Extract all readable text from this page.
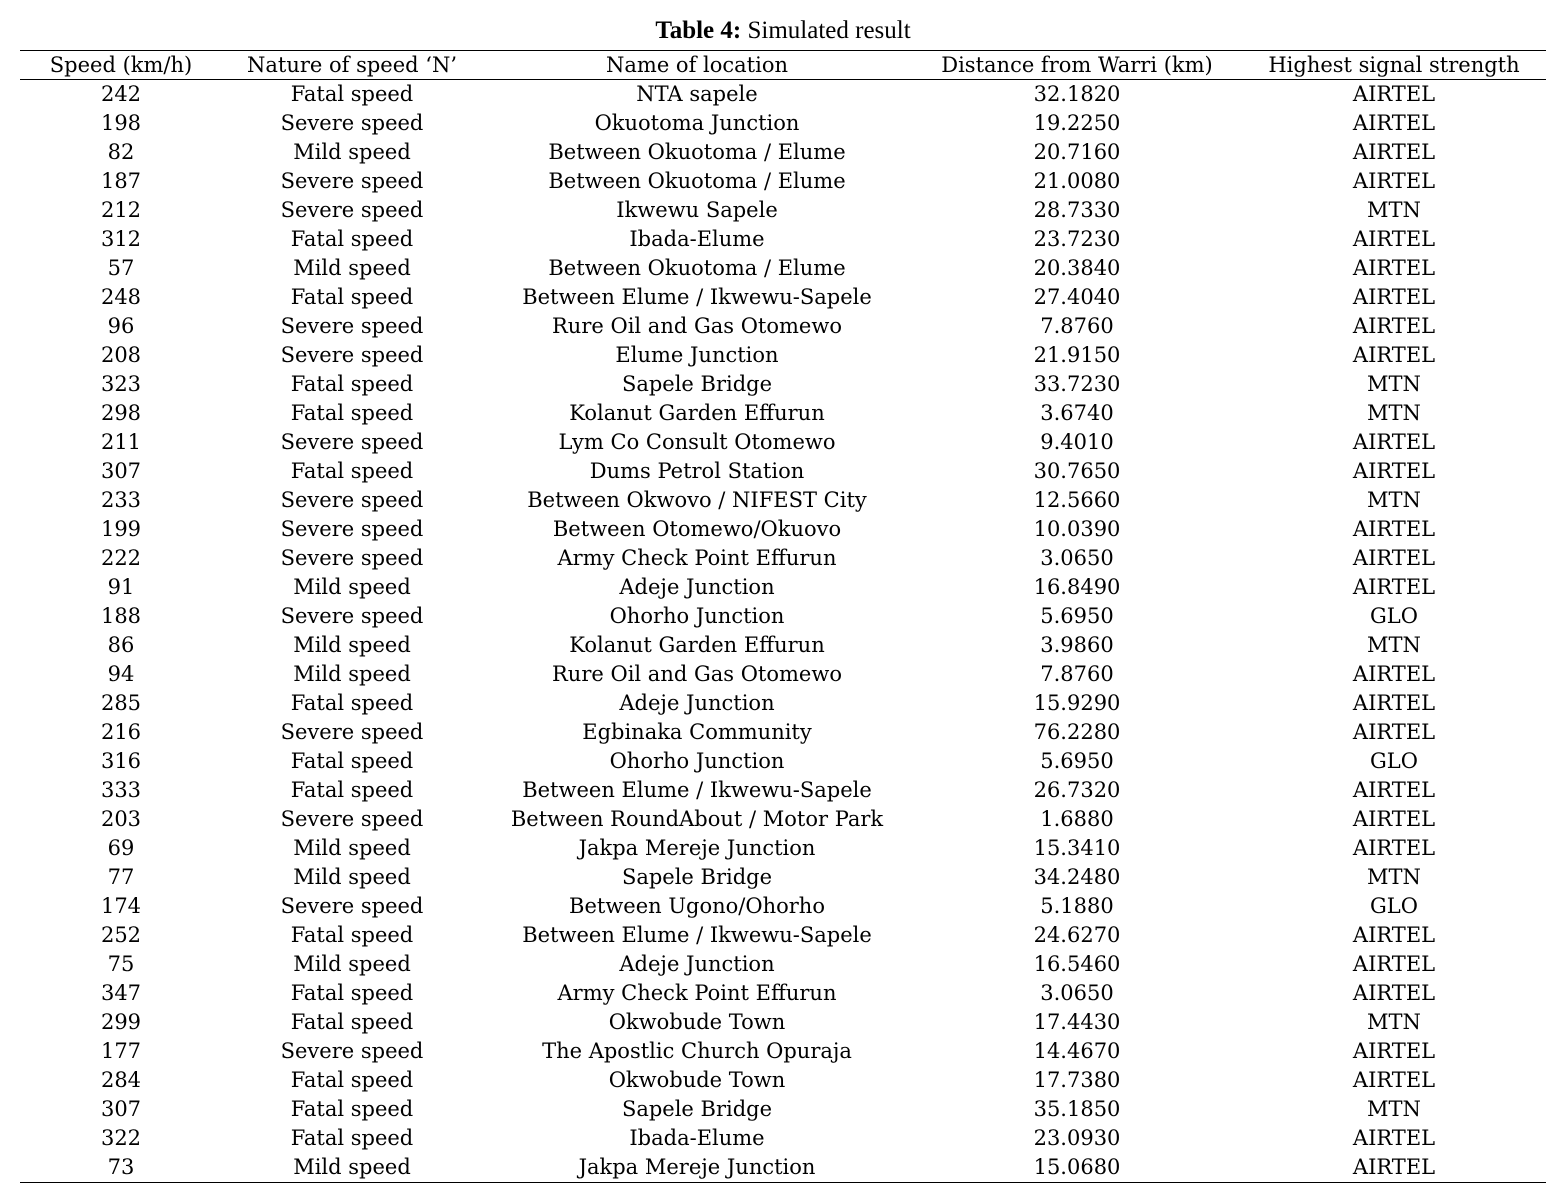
Table 4: Simulated result
Speed (km/h)	Nature of speed ‘N’	Name of location	Distance from Warri (km)	Highest signal strength
242	Fatal speed	NTA sapele	32.1820	AIRTEL
198	Severe speed	Okuotoma Junction	19.2250	AIRTEL
82	Mild speed	Between Okuotoma / Elume	20.7160	AIRTEL
187	Severe speed	Between Okuotoma / Elume	21.0080	AIRTEL
212	Severe speed	Ikwewu Sapele	28.7330	MTN
312	Fatal speed	Ibada-Elume	23.7230	AIRTEL
57	Mild speed	Between Okuotoma / Elume	20.3840	AIRTEL
248	Fatal speed	Between Elume / Ikwewu-Sapele	27.4040	AIRTEL
96	Severe speed	Rure Oil and Gas Otomewo	7.8760	AIRTEL
208	Severe speed	Elume Junction	21.9150	AIRTEL
323	Fatal speed	Sapele Bridge	33.7230	MTN
298	Fatal speed	Kolanut Garden Effurun	3.6740	MTN
211	Severe speed	Lym Co Consult Otomewo	9.4010	AIRTEL
307	Fatal speed	Dums Petrol Station	30.7650	AIRTEL
233	Severe speed	Between Okwovo / NIFEST City	12.5660	MTN
199	Severe speed	Between Otomewo/Okuovo	10.0390	AIRTEL
222	Severe speed	Army Check Point Effurun	3.0650	AIRTEL
91	Mild speed	Adeje Junction	16.8490	AIRTEL
188	Severe speed	Ohorho Junction	5.6950	GLO
86	Mild speed	Kolanut Garden Effurun	3.9860	MTN
94	Mild speed	Rure Oil and Gas Otomewo	7.8760	AIRTEL
285	Fatal speed	Adeje Junction	15.9290	AIRTEL
216	Severe speed	Egbinaka Community	76.2280	AIRTEL
316	Fatal speed	Ohorho Junction	5.6950	GLO
333	Fatal speed	Between Elume / Ikwewu-Sapele	26.7320	AIRTEL
203	Severe speed	Between RoundAbout / Motor Park	1.6880	AIRTEL
69	Mild speed	Jakpa Mereje Junction	15.3410	AIRTEL
77	Mild speed	Sapele Bridge	34.2480	MTN
174	Severe speed	Between Ugono/Ohorho	5.1880	GLO
252	Fatal speed	Between Elume / Ikwewu-Sapele	24.6270	AIRTEL
75	Mild speed	Adeje Junction	16.5460	AIRTEL
347	Fatal speed	Army Check Point Effurun	3.0650	AIRTEL
299	Fatal speed	Okwobude Town	17.4430	MTN
177	Severe speed	The Apostlic Church Opuraja	14.4670	AIRTEL
284	Fatal speed	Okwobude Town	17.7380	AIRTEL
307	Fatal speed	Sapele Bridge	35.1850	MTN
322	Fatal speed	Ibada-Elume	23.0930	AIRTEL
73	Mild speed	Jakpa Mereje Junction	15.0680	AIRTEL
